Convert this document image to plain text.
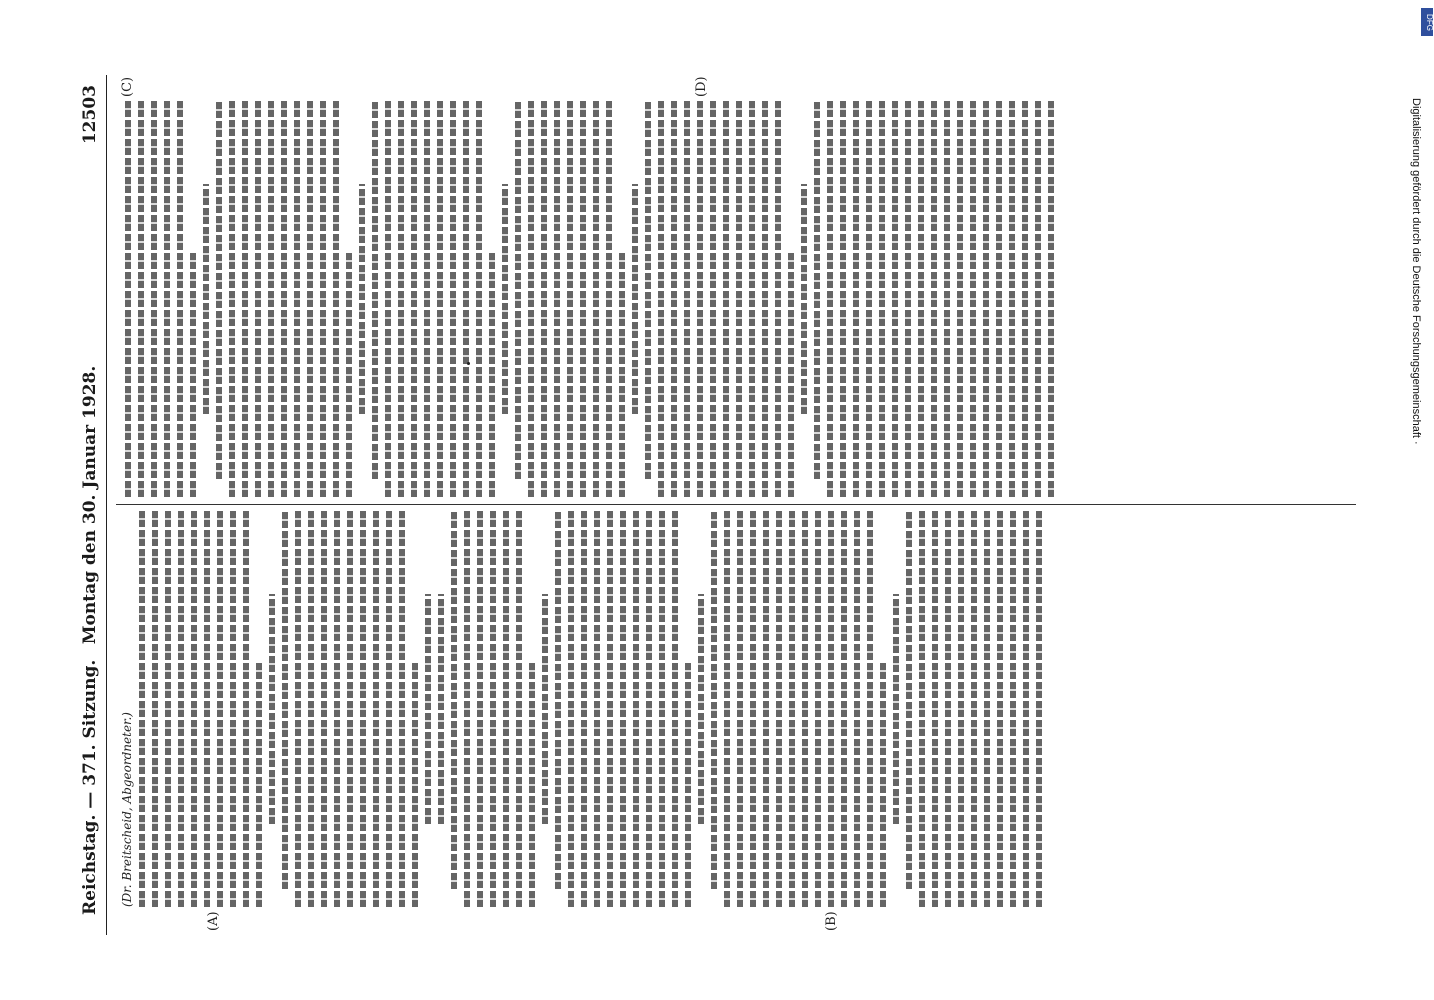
Reichstag. — 371. Sitzung.
Montag den 30. Januar 1928.
12503
(Dr. Breitscheid, Abgeordneter.)
(A)	(B)
(C)	(D)
Digitalisierung gefördert durch die Deutsche Forschungsgemeinschaft ·
DFG
